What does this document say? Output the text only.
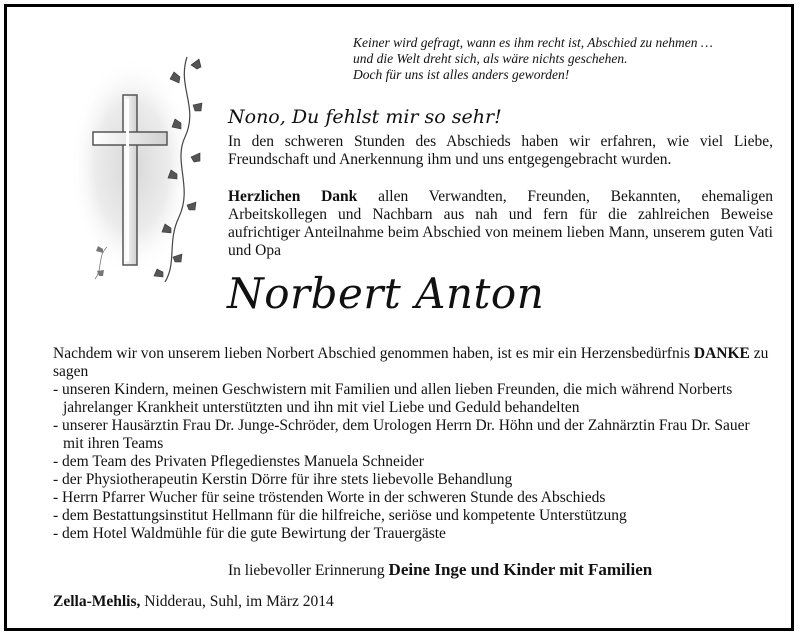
Keiner wird gefragt, wann es ihm recht ist, Abschied zu nehmen …
und die Welt dreht sich, als wäre nichts geschehen.
Doch für uns ist alles anders geworden!
Nono, Du fehlst mir so sehr!

In den schweren Stunden des Abschieds haben wir erfahren, wie viel Liebe, Freundschaft und Anerkennung ihm und uns entgegengebracht wurden.

Herzlichen Dank allen Verwandten, Freunden, Bekannten, ehemaligen Arbeitskollegen und Nachbarn aus nah und fern für die zahlreichen Beweise aufrichtiger Anteilnahme beim Abschied von meinem lieben Mann, unserem guten Vati und Opa

Norbert Anton

Nachdem wir von unserem lieben Norbert Abschied genommen haben, ist es mir ein Herzensbedürfnis DANKE zu sagen

- unseren Kindern, meinen Geschwistern mit Familien und allen lieben Freunden, die mich während Norberts jahrelanger Krankheit unterstützten und ihn mit viel Liebe und Geduld behandelten
- unserer Hausärztin Frau Dr. Junge-Schröder, dem Urologen Herrn Dr. Höhn und der Zahnärztin Frau Dr. Sauer mit ihren Teams
- dem Team des Privaten Pflegedienstes Manuela Schneider
- der Physiotherapeutin Kerstin Dörre für ihre stets liebevolle Behandlung
- Herrn Pfarrer Wucher für seine tröstenden Worte in der schweren Stunde des Abschieds
- dem Bestattungsinstitut Hellmann für die hilfreiche, seriöse und kompetente Unterstützung
- dem Hotel Waldmühle für die gute Bewirtung der Trauergäste
In liebevoller Erinnerung Deine Inge und Kinder mit Familien
Zella-Mehlis, Nidderau, Suhl, im März 2014
